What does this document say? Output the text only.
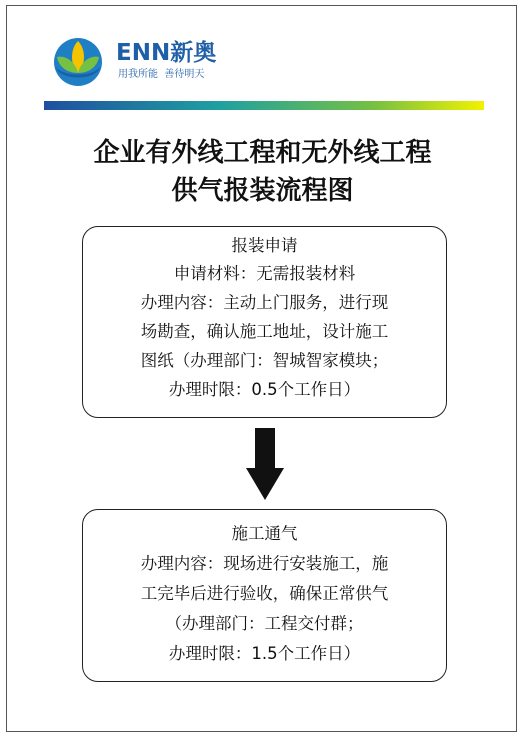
ENN新奥
用我所能  善待明天
企业有外线工程和无外线工程
供气报装流程图
报装申请
申请材料：无需报装材料
办理内容：主动上门服务，进行现
场勘查，确认施工地址，设计施工
图纸（办理部门：智城智家模块；
办理时限：0.5个工作日）
施工通气
办理内容：现场进行安装施工，施
工完毕后进行验收，确保正常供气
（办理部门：工程交付群；
办理时限：1.5个工作日）
